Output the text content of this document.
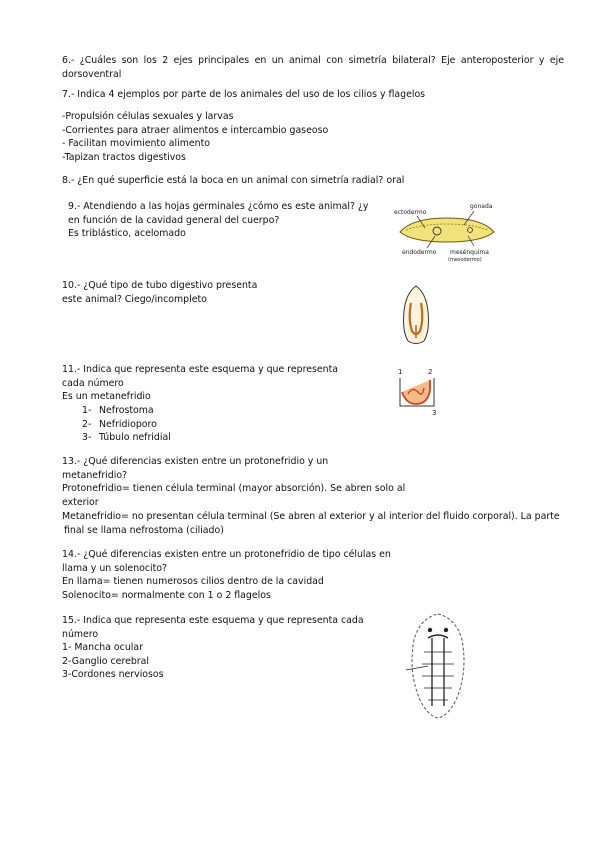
6.- ¿Cuáles son los 2 ejes principales en un animal con simetría bilateral? Eje anteroposterior y eje

dorsoventral

7.- Indica 4 ejemplos por parte de los animales del uso de los cilios y flagelos

-Propulsión células sexuales y larvas

-Corrientes para atraer alimentos e intercambio gaseoso

- Facilitan movimiento alimento

-Tapizan tractos digestivos

8.- ¿En qué superficie está la boca en un animal con simetría radial? oral

9.- Atendiendo a las hojas germinales ¿cómo es este animal? ¿y

en función de la cavidad general del cuerpo?

Es triblástico, acelomado

ectodermo
gonada
endodermo mesénquima
(mesodermo)

10.- ¿Qué tipo de tubo digestivo presenta

este animal? Ciego/incompleto

11.- Indica que representa este esquema y que representa

cada número

Es un metanefridio

1- Nefrostoma

2- Nefridioporo

3- Túbulo nefridial

1	2
3

13.- ¿Qué diferencias existen entre un protonefridio y un

metanefridio?

Protonefridio= tienen célula terminal (mayor absorción). Se abren solo al

exterior

Metanefridio= no presentan célula terminal (Se abren al exterior y al interior del fluido corporal). La parte

final se llama nefrostoma (ciliado)

14.- ¿Qué diferencias existen entre un protonefridio de tipo células en

llama y un solenocito?

En llama= tienen numerosos cilios dentro de la cavidad

Solenocito= normalmente con 1 o 2 flagelos

15.- Indica que representa este esquema y que representa cada

número

1- Mancha ocular

2-Ganglio cerebral

3-Cordones nerviosos
